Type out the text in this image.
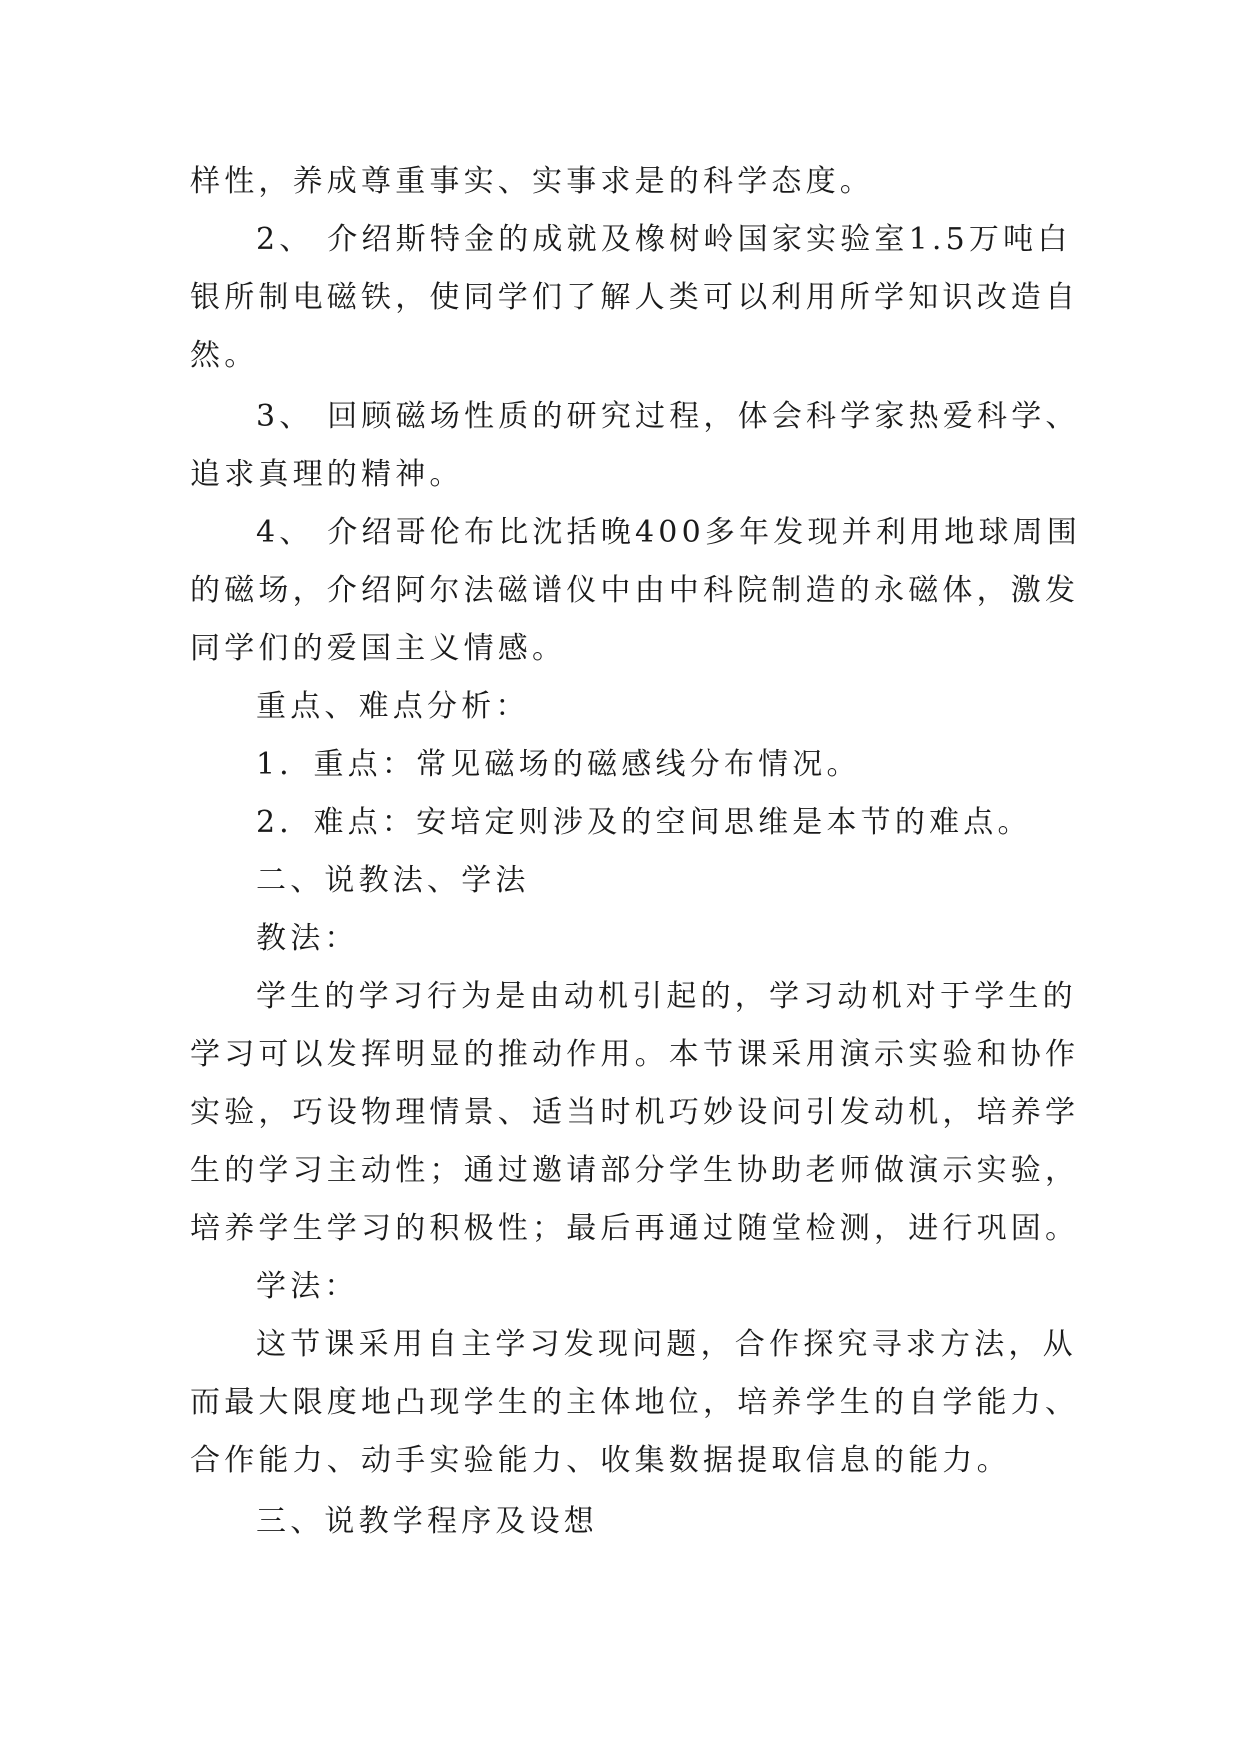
样性，养成尊重事实、实事求是的科学态度。
2、 介绍斯特金的成就及橡树岭国家实验室1.5万吨白
银所制电磁铁，使同学们了解人类可以利用所学知识改造自
然。
3、 回顾磁场性质的研究过程，体会科学家热爱科学、
追求真理的精神。
4、 介绍哥伦布比沈括晚400多年发现并利用地球周围
的磁场，介绍阿尔法磁谱仪中由中科院制造的永磁体，激发
同学们的爱国主义情感。
重点、难点分析：
1．重点：常见磁场的磁感线分布情况。
2．难点：安培定则涉及的空间思维是本节的难点。
二、说教法、学法
教法：
学生的学习行为是由动机引起的，学习动机对于学生的
学习可以发挥明显的推动作用。本节课采用演示实验和协作
实验，巧设物理情景、适当时机巧妙设问引发动机，培养学
生的学习主动性；通过邀请部分学生协助老师做演示实验，
培养学生学习的积极性；最后再通过随堂检测，进行巩固。
学法：
这节课采用自主学习发现问题，合作探究寻求方法，从
而最大限度地凸现学生的主体地位，培养学生的自学能力、
合作能力、动手实验能力、收集数据提取信息的能力。
三、说教学程序及设想
